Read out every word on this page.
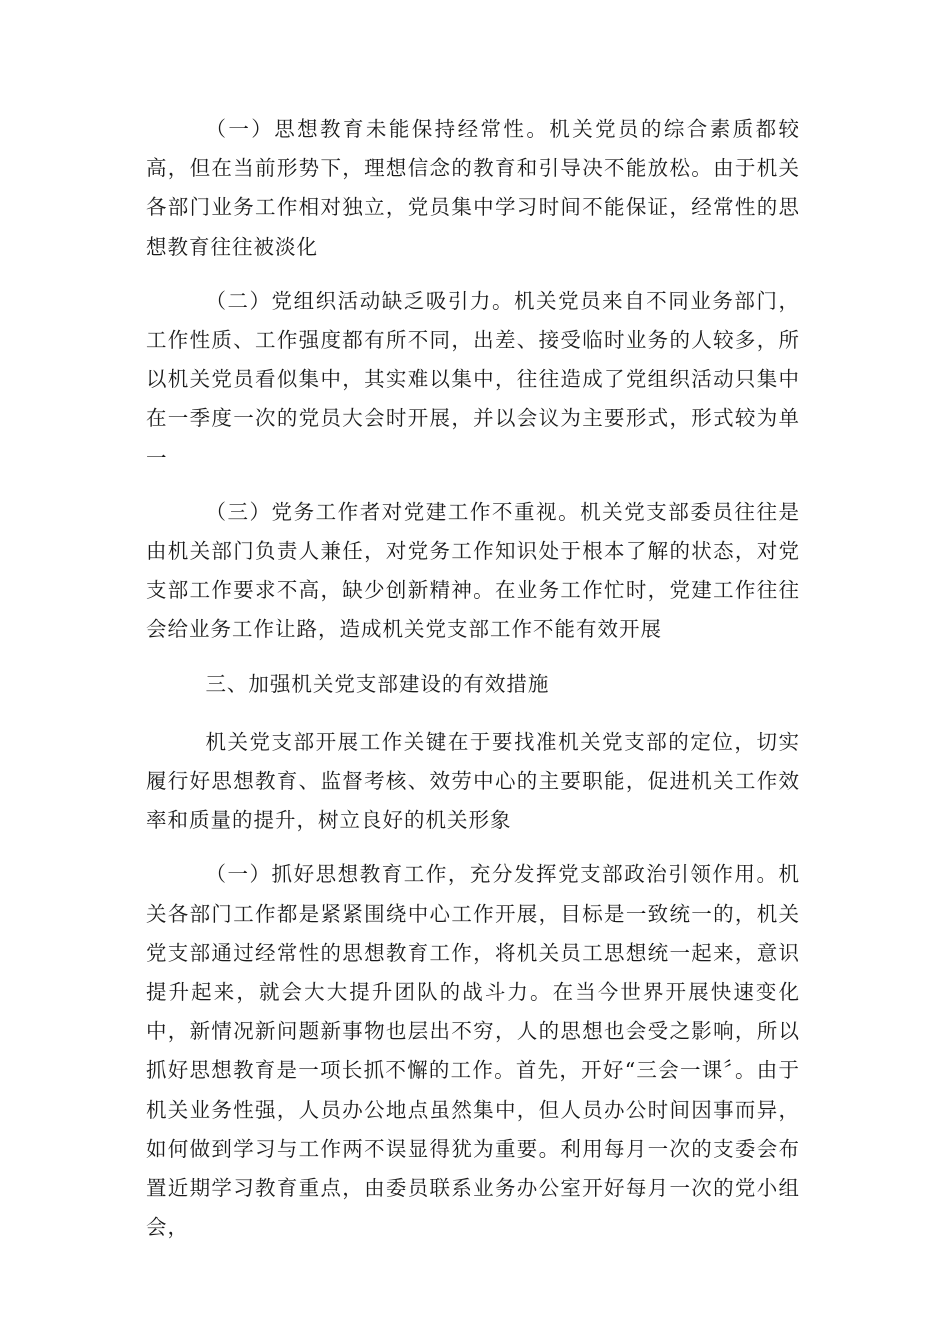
（一）思想教育未能保持经常性。机关党员的综合素质都较高，但在当前形势下，理想信念的教育和引导决不能放松。由于机关各部门业务工作相对独立，党员集中学习时间不能保证，经常性的思想教育往往被淡化

（二）党组织活动缺乏吸引力。机关党员来自不同业务部门，工作性质、工作强度都有所不同，出差、接受临时业务的人较多，所以机关党员看似集中，其实难以集中，往往造成了党组织活动只集中在一季度一次的党员大会时开展，并以会议为主要形式，形式较为单一

（三）党务工作者对党建工作不重视。机关党支部委员往往是由机关部门负责人兼任，对党务工作知识处于根本了解的状态，对党支部工作要求不高，缺少创新精神。在业务工作忙时，党建工作往往会给业务工作让路，造成机关党支部工作不能有效开展

三、加强机关党支部建设的有效措施

机关党支部开展工作关键在于要找准机关党支部的定位，切实履行好思想教育、监督考核、效劳中心的主要职能，促进机关工作效率和质量的提升，树立良好的机关形象

（一）抓好思想教育工作，充分发挥党支部政治引领作用。机关各部门工作都是紧紧围绕中心工作开展，目标是一致统一的，机关党支部通过经常性的思想教育工作，将机关员工思想统一起来，意识提升起来，就会大大提升团队的战斗力。在当今世界开展快速变化中，新情况新问题新事物也层出不穷，人的思想也会受之影响，所以抓好思想教育是一项长抓不懈的工作。首先，开好“三会一课〞。由于机关业务性强，人员办公地点虽然集中，但人员办公时间因事而异，如何做到学习与工作两不误显得犹为重要。利用每月一次的支委会布置近期学习教育重点，由委员联系业务办公室开好每月一次的党小组会，
